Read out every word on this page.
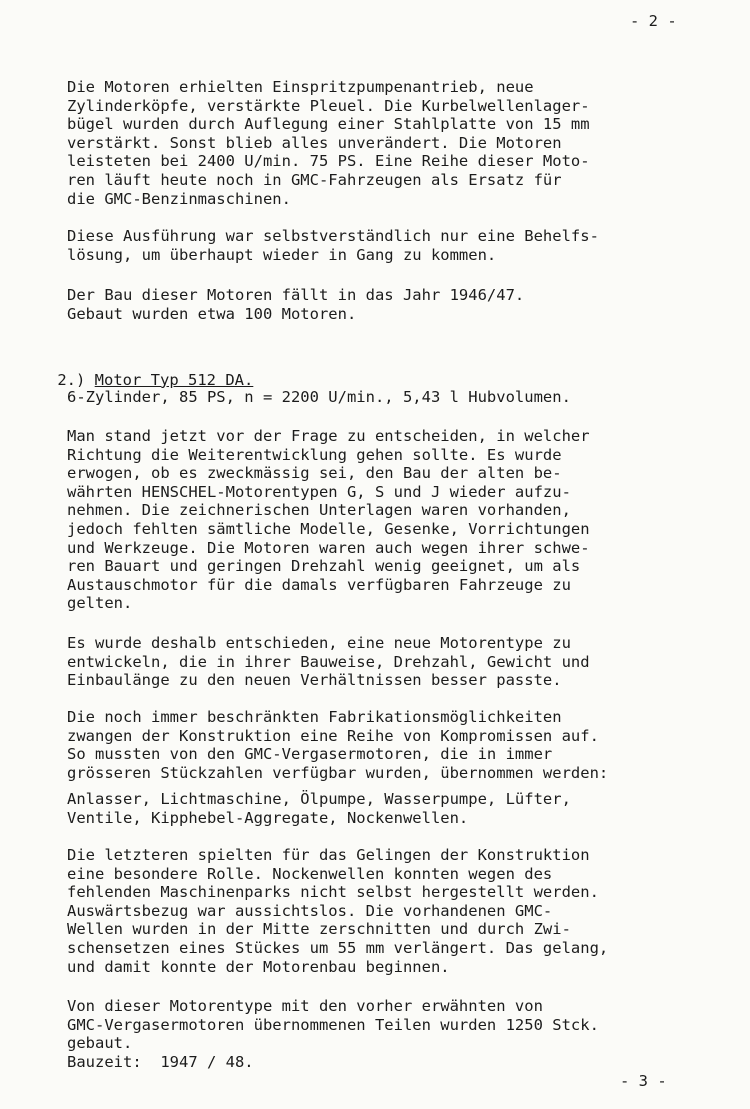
- 2 -
Die Motoren erhielten Einspritzpumpenantrieb, neue
Zylinderköpfe, verstärkte Pleuel. Die Kurbelwellenlager-
bügel wurden durch Auflegung einer Stahlplatte von 15 mm
verstärkt. Sonst blieb alles unverändert. Die Motoren
leisteten bei 2400 U/min. 75 PS. Eine Reihe dieser Moto-
ren läuft heute noch in GMC-Fahrzeugen als Ersatz für
die GMC-Benzinmaschinen.
Diese Ausführung war selbstverständlich nur eine Behelfs-
lösung, um überhaupt wieder in Gang zu kommen.
Der Bau dieser Motoren fällt in das Jahr 1946/47.
Gebaut wurden etwa 100 Motoren.

2.) Motor Typ 512 DA.

6-Zylinder, 85 PS, n = 2200 U/min., 5,43 l Hubvolumen.
Man stand jetzt vor der Frage zu entscheiden, in welcher
Richtung die Weiterentwicklung gehen sollte. Es wurde
erwogen, ob es zweckmässig sei, den Bau der alten be-
währten HENSCHEL-Motorentypen G, S und J wieder aufzu-
nehmen. Die zeichnerischen Unterlagen waren vorhanden,
jedoch fehlten sämtliche Modelle, Gesenke, Vorrichtungen
und Werkzeuge. Die Motoren waren auch wegen ihrer schwe-
ren Bauart und geringen Drehzahl wenig geeignet, um als
Austauschmotor für die damals verfügbaren Fahrzeuge zu
gelten.
Es wurde deshalb entschieden, eine neue Motorentype zu
entwickeln, die in ihrer Bauweise, Drehzahl, Gewicht und
Einbaulänge zu den neuen Verhältnissen besser passte.
Die noch immer beschränkten Fabrikationsmöglichkeiten
zwangen der Konstruktion eine Reihe von Kompromissen auf.
So mussten von den GMC-Vergasermotoren, die in immer
grösseren Stückzahlen verfügbar wurden, übernommen werden:
Anlasser, Lichtmaschine, Ölpumpe, Wasserpumpe, Lüfter,
Ventile, Kipphebel-Aggregate, Nockenwellen.
Die letzteren spielten für das Gelingen der Konstruktion
eine besondere Rolle. Nockenwellen konnten wegen des
fehlenden Maschinenparks nicht selbst hergestellt werden.
Auswärtsbezug war aussichtslos. Die vorhandenen GMC-
Wellen wurden in der Mitte zerschnitten und durch Zwi-
schensetzen eines Stückes um 55 mm verlängert. Das gelang,
und damit konnte der Motorenbau beginnen.
Von dieser Motorentype mit den vorher erwähnten von
GMC-Vergasermotoren übernommenen Teilen wurden 1250 Stck.
gebaut.
Bauzeit:  1947 / 48.
- 3 -
